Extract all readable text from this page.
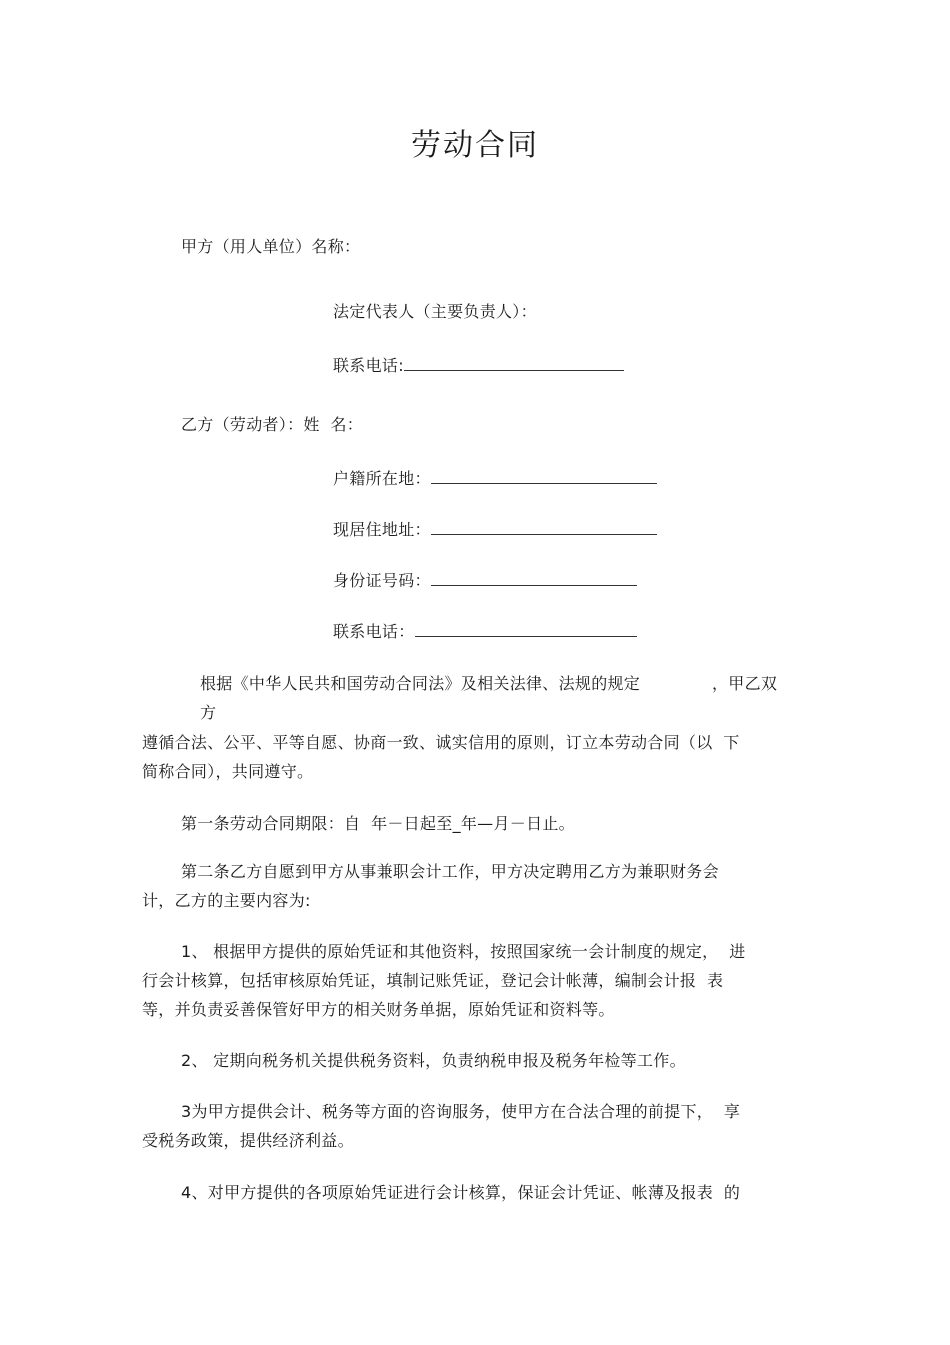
劳动合同
甲方（用人单位）名称：
法定代表人（主要负责人）：
联系电话:
乙方（劳动者）：姓  名：
户籍所在地：
现居住地址：
身份证号码：
联系电话：
根据《中华人民共和国劳动合同法》及相关法律、法规的规定	，甲乙双
方
遵循合法、公平、平等自愿、协商一致、诚实信用的原则，订立本劳动合同（以  下
简称合同），共同遵守。
第一条劳动合同期限：自  年－日起至_年—月－日止。
第二条乙方自愿到甲方从事兼职会计工作，甲方决定聘用乙方为兼职财务会
计，乙方的主要内容为:
1、 根据甲方提供的原始凭证和其他资料，按照国家统一会计制度的规定，  进
行会计核算，包括审核原始凭证，填制记账凭证，登记会计帐薄，编制会计报  表
等，并负责妥善保管好甲方的相关财务单据，原始凭证和资料等。
2、 定期向税务机关提供税务资料，负责纳税申报及税务年检等工作。
3为甲方提供会计、税务等方面的咨询服务，使甲方在合法合理的前提下，  享
受税务政策，提供经济利益。
4、对甲方提供的各项原始凭证进行会计核算，保证会计凭证、帐薄及报表  的
